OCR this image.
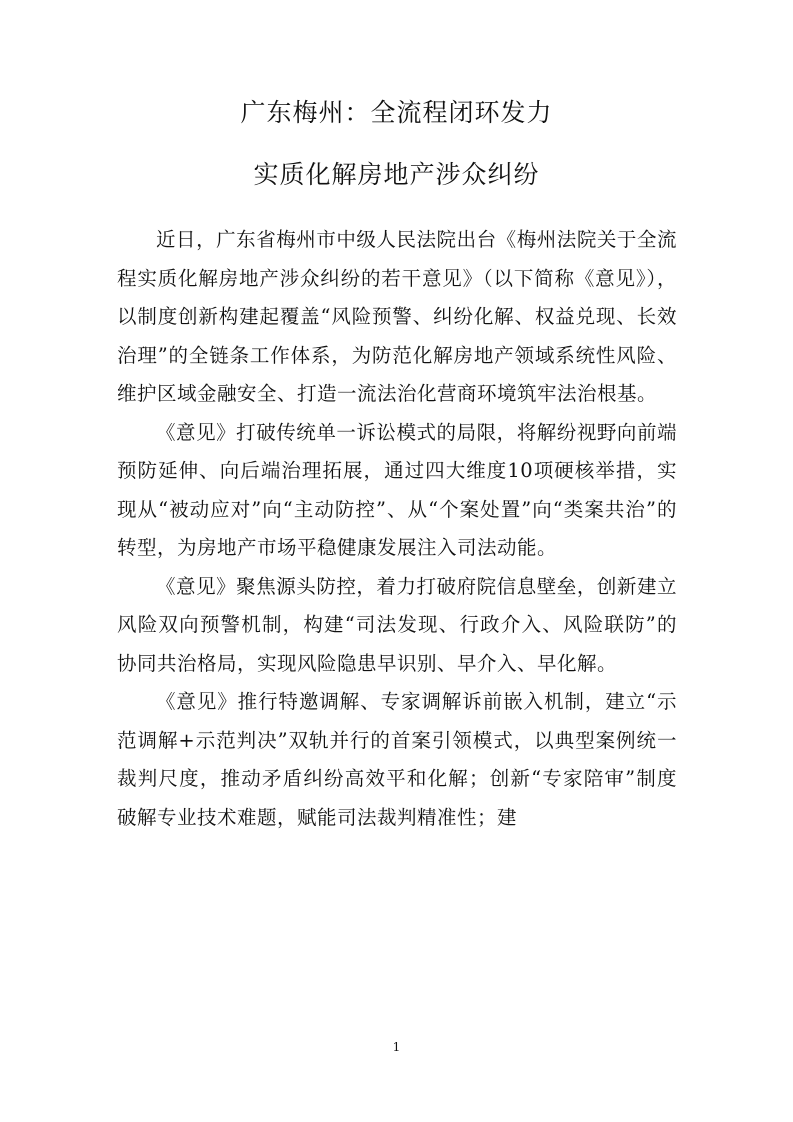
广东梅州：全流程闭环发力
实质化解房地产涉众纠纷

近日，广东省梅州市中级人民法院出台《梅州法院关于全流程实质化解房地产涉众纠纷的若干意见》（以下简称《意见》），以制度创新构建起覆盖“风险预警、纠纷化解、权益兑现、长效治理”的全链条工作体系，为防范化解房地产领域系统性风险、维护区域金融安全、打造一流法治化营商环境筑牢法治根基。

《意见》打破传统单一诉讼模式的局限，将解纷视野向前端预防延伸、向后端治理拓展，通过四大维度10项硬核举措，实现从“被动应对”向“主动防控”、从“个案处置”向“类案共治”的转型，为房地产市场平稳健康发展注入司法动能。

《意见》聚焦源头防控，着力打破府院信息壁垒，创新建立风险双向预警机制，构建“司法发现、行政介入、风险联防”的协同共治格局，实现风险隐患早识别、早介入、早化解。

《意见》推行特邀调解、专家调解诉前嵌入机制，建立“示范调解+示范判决”双轨并行的首案引领模式，以典型案例统一裁判尺度，推动矛盾纠纷高效平和化解；创新“专家陪审”制度破解专业技术难题，赋能司法裁判精准性；建

1
